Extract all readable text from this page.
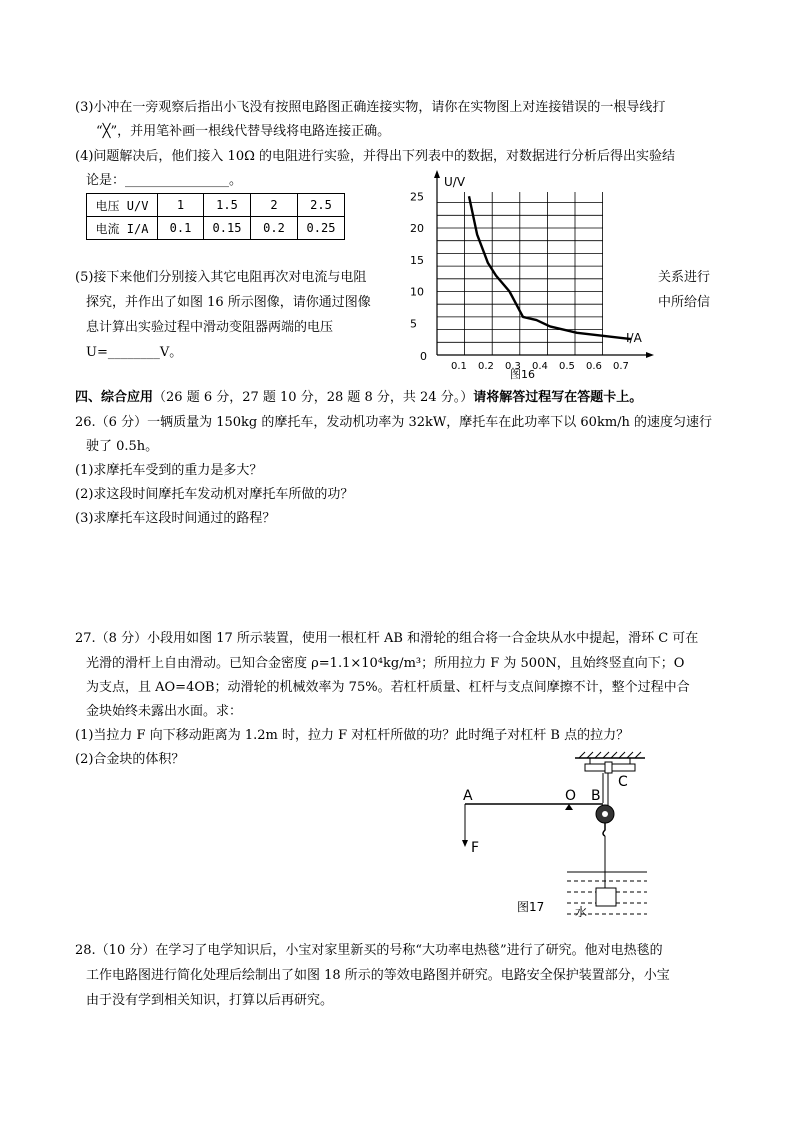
(3)小冲在一旁观察后指出小飞没有按照电路图正确连接实物，请你在实物图上对连接错误的一根导线打
“╳”，并用笔补画一根线代替导线将电路连接正确。
(4)问题解决后，他们接入 10Ω 的电阻进行实验，并得出下列表中的数据，对数据进行分析后得出实验结
论是：________________。
电压 U/V	1	1.5	2	2.5
电流 I/A	0.1	0.15	0.2	0.25
(5)接下来他们分别接入其它电阻再次对电流与电阻	关系进行
探究，并作出了如图 16 所示图像，请你通过图像	中所给信
息计算出实验过程中滑动变阻器两端的电压
U=________V。
U/V
I/A
0
5
10
15
20
25
0.1 0.2 0.3 0.4 0.5 0.6 0.7
图16
四、综合应用（26 题 6 分，27 题 10 分，28 题 8 分，共 24 分。）请将解答过程写在答题卡上。
26.（6 分）一辆质量为 150kg 的摩托车，发动机功率为 32kW，摩托车在此功率下以 60km/h 的速度匀速行
驶了 0.5h。
(1)求摩托车受到的重力是多大？
(2)求这段时间摩托车发动机对摩托车所做的功？
(3)求摩托车这段时间通过的路程？
27.（8 分）小段用如图 17 所示装置，使用一根杠杆 AB 和滑轮的组合将一合金块从水中提起，滑环 C 可在
光滑的滑杆上自由滑动。已知合金密度 ρ=1.1×10⁴kg/m³；所用拉力 F 为 500N，且始终竖直向下；O
为支点，且 AO=4OB；动滑轮的机械效率为 75%。若杠杆质量、杠杆与支点间摩擦不计，整个过程中合
金块始终未露出水面。求：
(1)当拉力 F 向下移动距离为 1.2m 时，拉力 F 对杠杆所做的功？此时绳子对杠杆 B 点的拉力？
(2)合金块的体积？
C
A	O B
F
水
图17
28.（10 分）在学习了电学知识后，小宝对家里新买的号称“大功率电热毯”进行了研究。他对电热毯的
工作电路图进行简化处理后绘制出了如图 18 所示的等效电路图并研究。电路安全保护装置部分，小宝
由于没有学到相关知识，打算以后再研究。
